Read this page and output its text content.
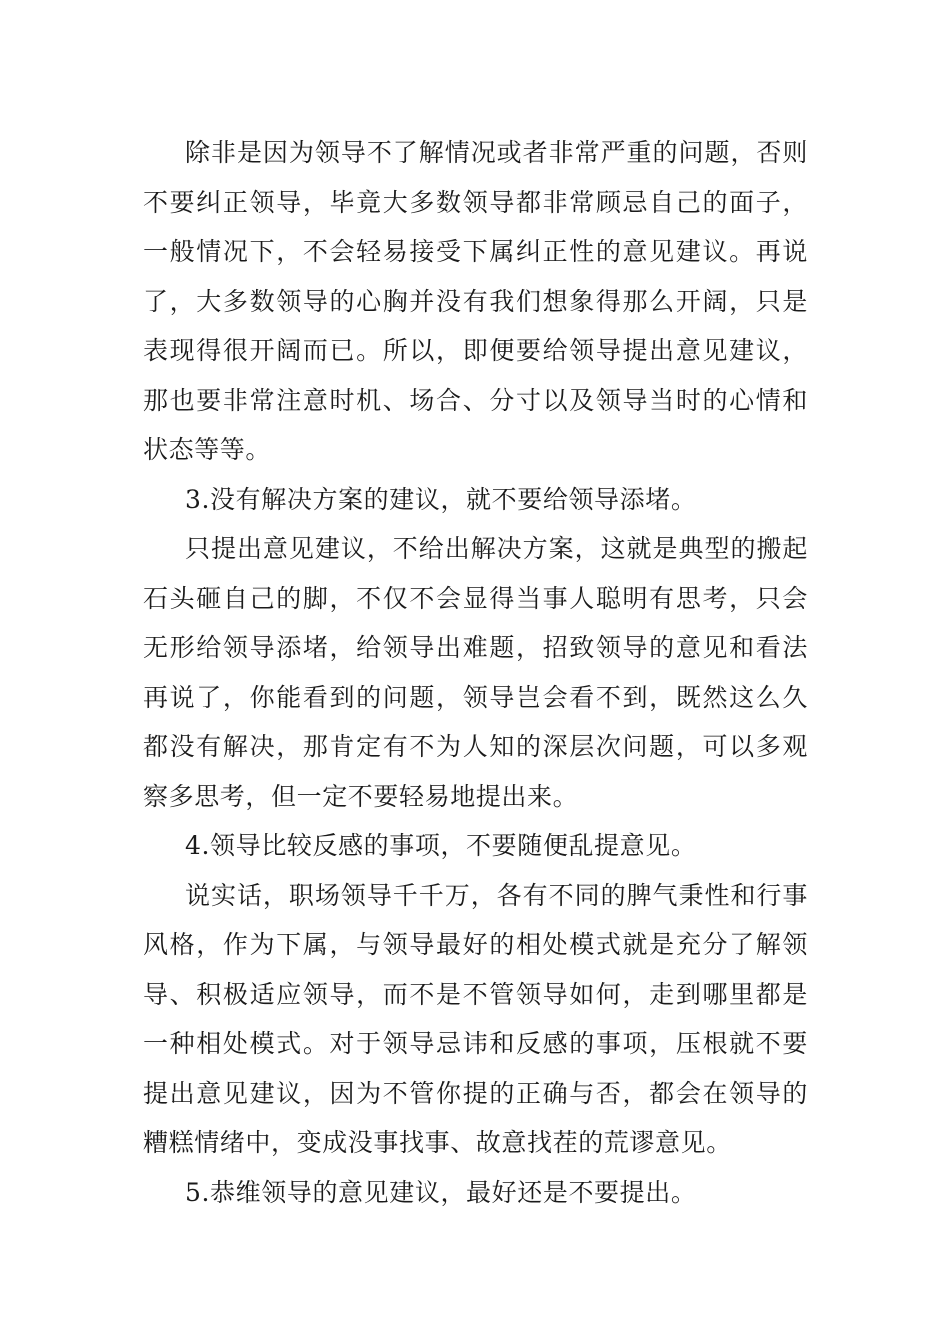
除非是因为领导不了解情况或者非常严重的问题，否则不要纠正领导，毕竟大多数领导都非常顾忌自己的面子，一般情况下，不会轻易接受下属纠正性的意见建议。再说了，大多数领导的心胸并没有我们想象得那么开阔，只是表现得很开阔而已。所以，即便要给领导提出意见建议，那也要非常注意时机、场合、分寸以及领导当时的心情和状态等等。

3.没有解决方案的建议，就不要给领导添堵。

只提出意见建议，不给出解决方案，这就是典型的搬起石头砸自己的脚，不仅不会显得当事人聪明有思考，只会无形给领导添堵，给领导出难题，招致领导的意见和看法再说了，你能看到的问题，领导岂会看不到，既然这么久都没有解决，那肯定有不为人知的深层次问题，可以多观察多思考，但一定不要轻易地提出来。

4.领导比较反感的事项，不要随便乱提意见。

说实话，职场领导千千万，各有不同的脾气秉性和行事风格，作为下属，与领导最好的相处模式就是充分了解领导、积极适应领导，而不是不管领导如何，走到哪里都是一种相处模式。对于领导忌讳和反感的事项，压根就不要提出意见建议，因为不管你提的正确与否，都会在领导的糟糕情绪中，变成没事找事、故意找茬的荒谬意见。

5.恭维领导的意见建议，最好还是不要提出。
